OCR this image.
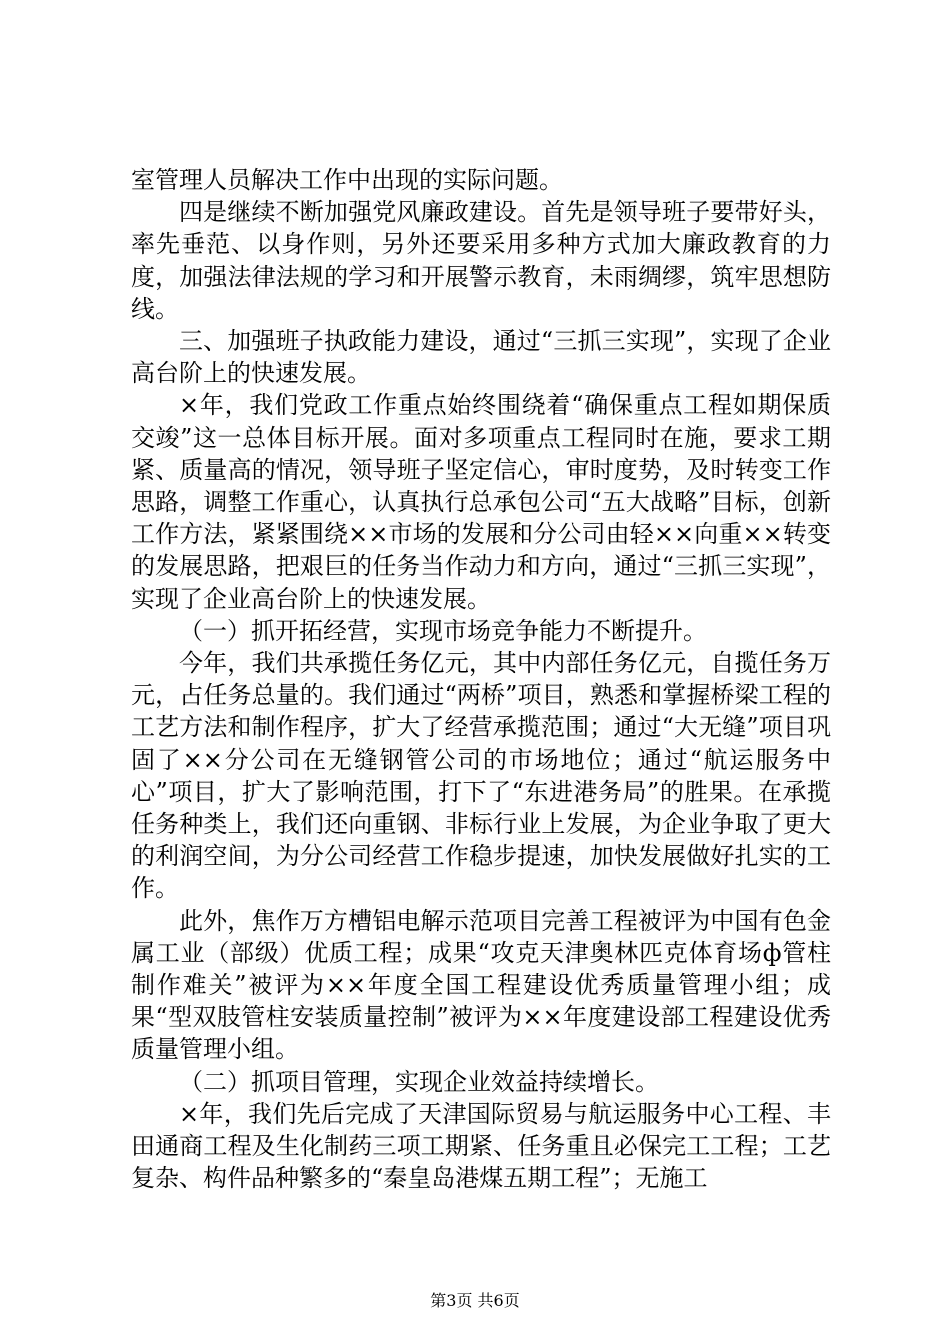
室管理人员解决工作中出现的实际问题。

四是继续不断加强党风廉政建设。首先是领导班子要带好头，率先垂范、以身作则，另外还要采用多种方式加大廉政教育的力度，加强法律法规的学习和开展警示教育，未雨绸缪，筑牢思想防线。

三、加强班子执政能力建设，通过“三抓三实现”，实现了企业高台阶上的快速发展。

×年，我们党政工作重点始终围绕着“确保重点工程如期保质交竣”这一总体目标开展。面对多项重点工程同时在施，要求工期紧、质量高的情况，领导班子坚定信心，审时度势，及时转变工作思路，调整工作重心，认真执行总承包公司“五大战略”目标，创新工作方法，紧紧围绕××市场的发展和分公司由轻××向重××转变的发展思路，把艰巨的任务当作动力和方向，通过“三抓三实现”，实现了企业高台阶上的快速发展。

（一）抓开拓经营，实现市场竞争能力不断提升。

今年，我们共承揽任务亿元，其中内部任务亿元，自揽任务万元，占任务总量的。我们通过“两桥”项目，熟悉和掌握桥梁工程的工艺方法和制作程序，扩大了经营承揽范围；通过“大无缝”项目巩固了××分公司在无缝钢管公司的市场地位；通过“航运服务中心”项目，扩大了影响范围，打下了“东进港务局”的胜果。在承揽任务种类上，我们还向重钢、非标行业上发展，为企业争取了更大的利润空间，为分公司经营工作稳步提速，加快发展做好扎实的工作。

此外，焦作万方槽铝电解示范项目完善工程被评为中国有色金属工业（部级）优质工程；成果“攻克天津奥林匹克体育场ф管柱制作难关”被评为××年度全国工程建设优秀质量管理小组；成果“型双肢管柱安装质量控制”被评为××年度建设部工程建设优秀质量管理小组。

（二）抓项目管理，实现企业效益持续增长。

×年，我们先后完成了天津国际贸易与航运服务中心工程、丰田通商工程及生化制药三项工期紧、任务重且必保完工工程；工艺复杂、构件品种繁多的“秦皇岛港煤五期工程”；无施工

第3页 共6页
